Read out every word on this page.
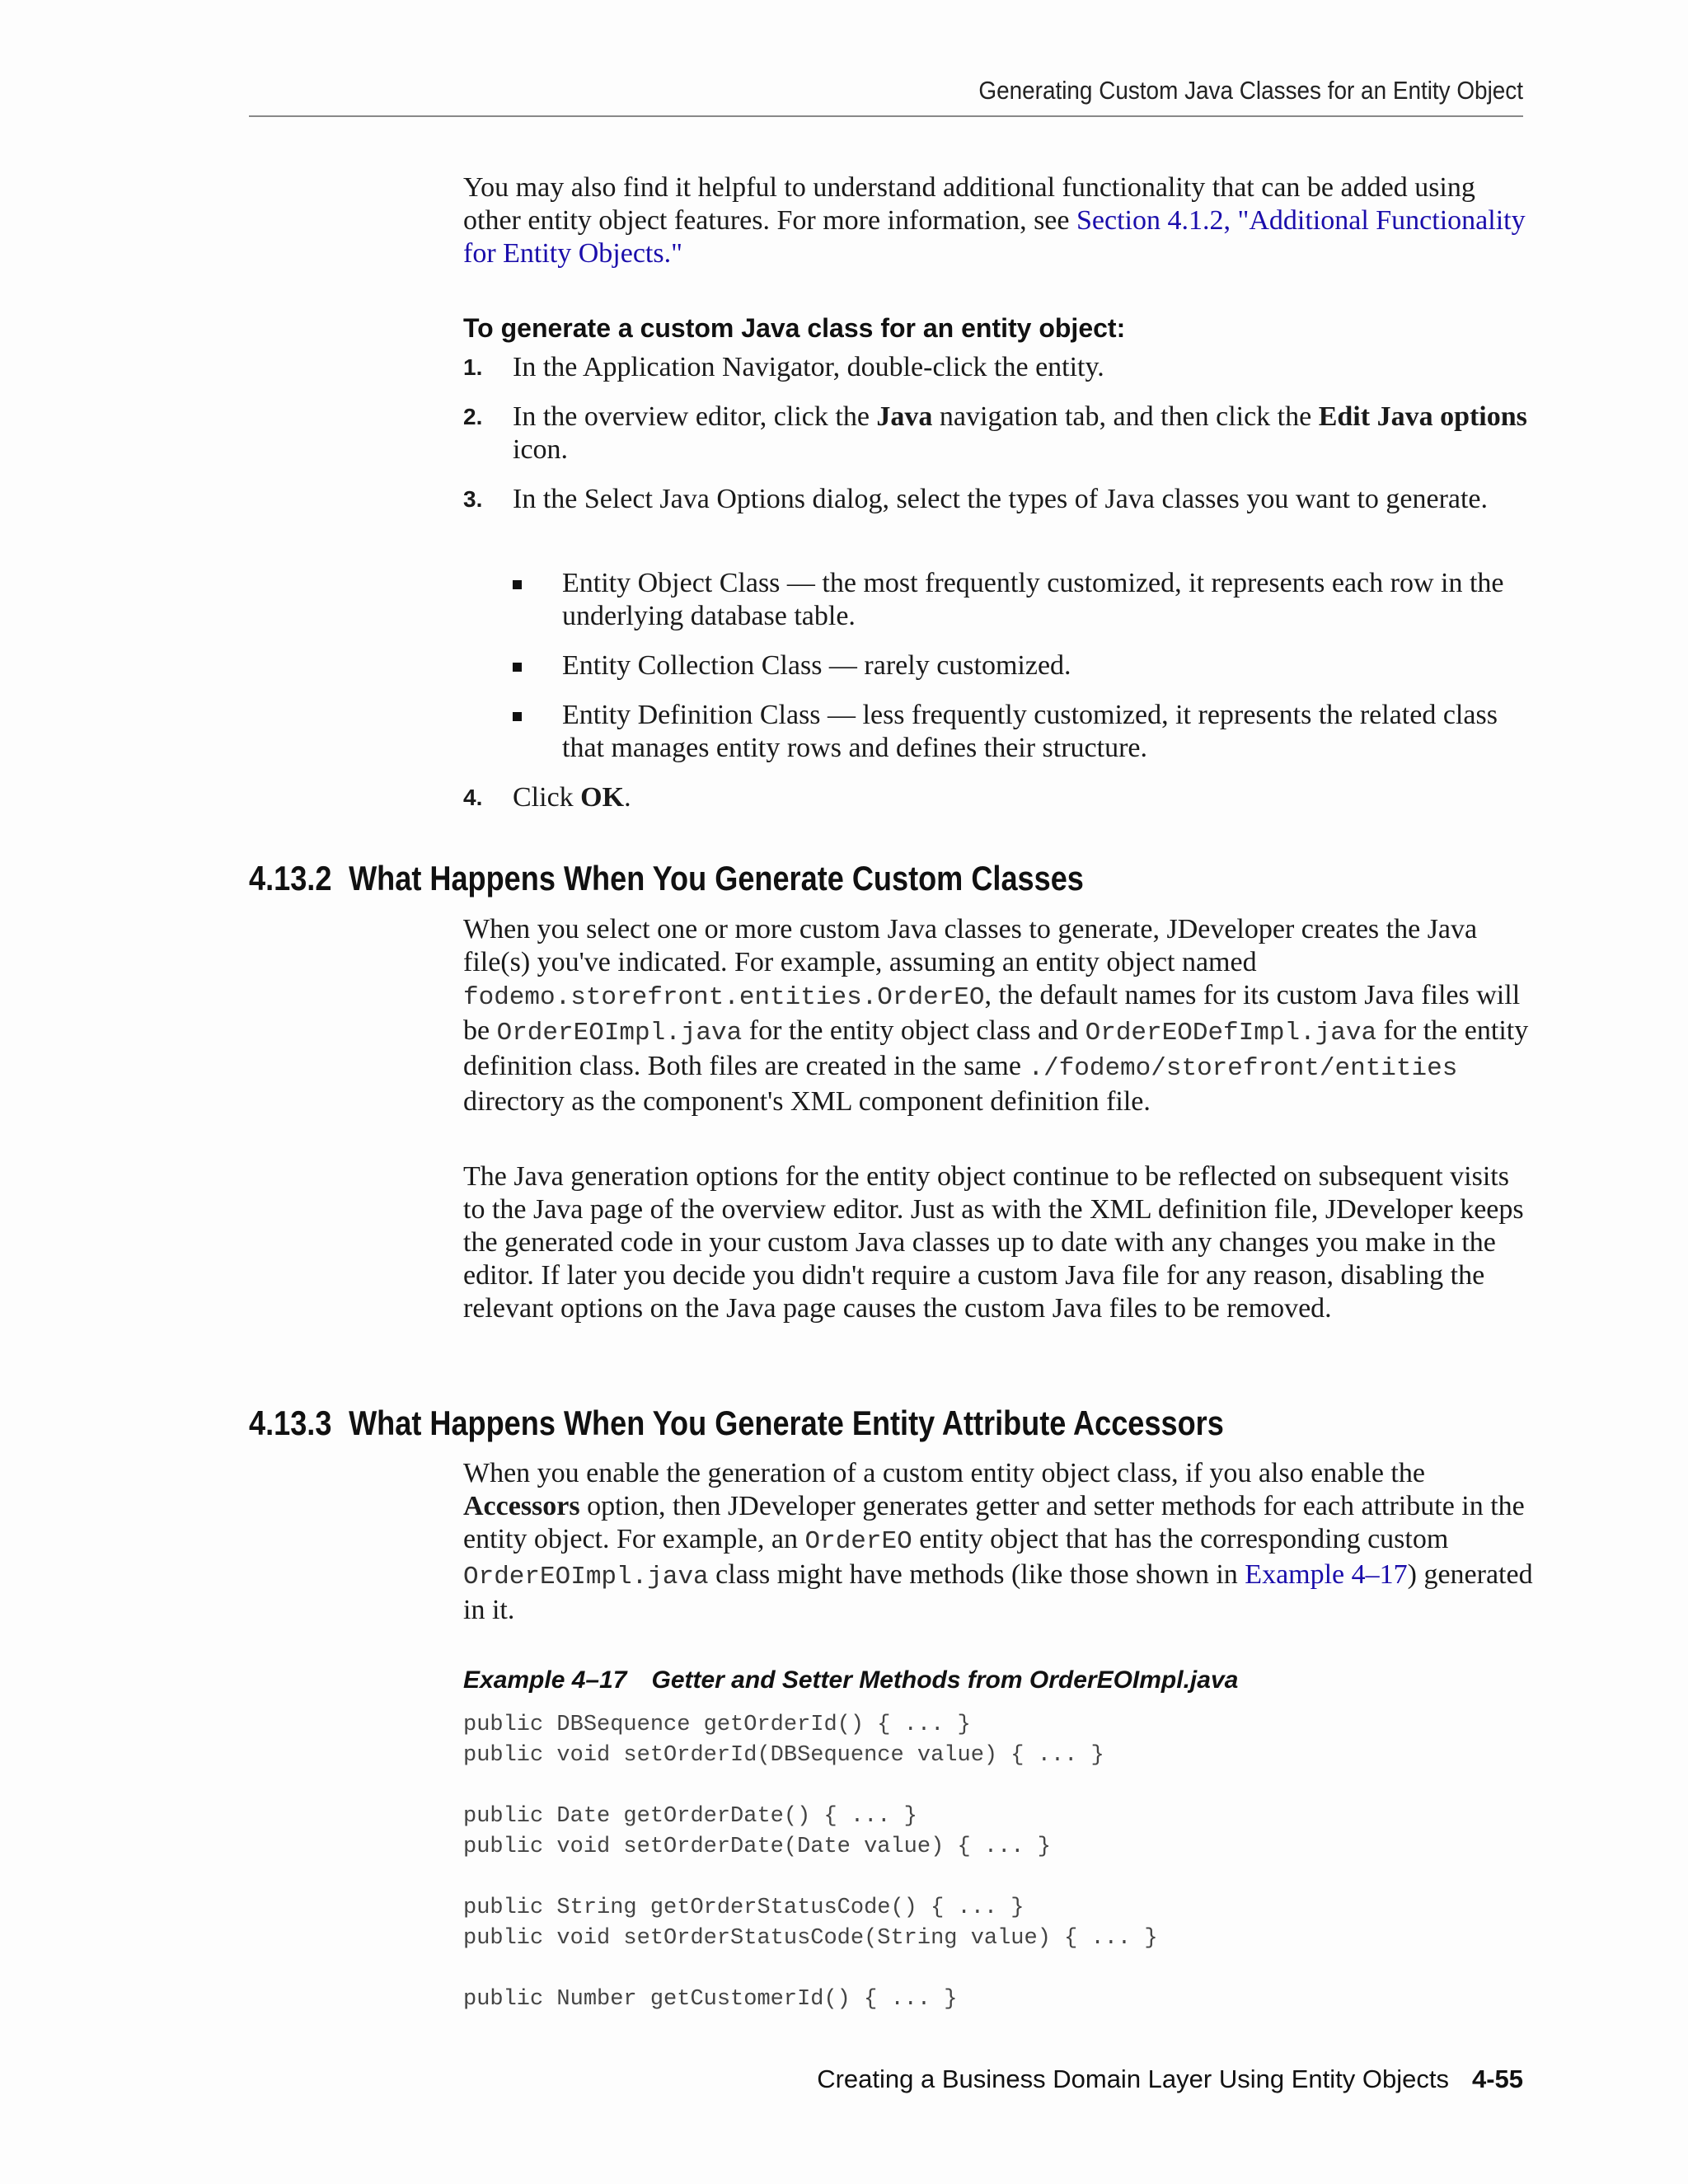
Generating Custom Java Classes for an Entity Object

You may also find it helpful to understand additional functionality that can be added using other entity object features. For more information, see Section 4.1.2, "Additional Functionality for Entity Objects."

To generate a custom Java class for an entity object:

1. In the Application Navigator, double-click the entity.
2. In the overview editor, click the Java navigation tab, and then click the Edit Java options icon.
3. In the Select Java Options dialog, select the types of Java classes you want to generate.
Entity Object Class — the most frequently customized, it represents each row in the underlying database table.
Entity Collection Class — rarely customized.
Entity Definition Class — less frequently customized, it represents the related class that manages entity rows and defines their structure.
4. Click OK.
4.13.2 What Happens When You Generate Custom Classes

When you select one or more custom Java classes to generate, JDeveloper creates the Java file(s) you've indicated. For example, assuming an entity object named fodemo.storefront.entities.OrderEO, the default names for its custom Java files will be OrderEOImpl.java for the entity object class and OrderEODefImpl.java for the entity definition class. Both files are created in the same ./fodemo/storefront/entities directory as the component's XML component definition file.

The Java generation options for the entity object continue to be reflected on subsequent visits to the Java page of the overview editor. Just as with the XML definition file, JDeveloper keeps the generated code in your custom Java classes up to date with any changes you make in the editor. If later you decide you didn't require a custom Java file for any reason, disabling the relevant options on the Java page causes the custom Java files to be removed.

4.13.3 What Happens When You Generate Entity Attribute Accessors

When you enable the generation of a custom entity object class, if you also enable the Accessors option, then JDeveloper generates getter and setter methods for each attribute in the entity object. For example, an OrderEO entity object that has the corresponding custom OrderEOImpl.java class might have methods (like those shown in Example 4–17) generated in it.

Example 4–17 Getter and Setter Methods from OrderEOImpl.java

public DBSequence getOrderId() { ... }
public void setOrderId(DBSequence value) { ... }
public Date getOrderDate() { ... }
public void setOrderDate(Date value) { ... }
public String getOrderStatusCode() { ... }
public void setOrderStatusCode(String value) { ... }
public Number getCustomerId() { ... }
Creating a Business Domain Layer Using Entity Objects 4-55
